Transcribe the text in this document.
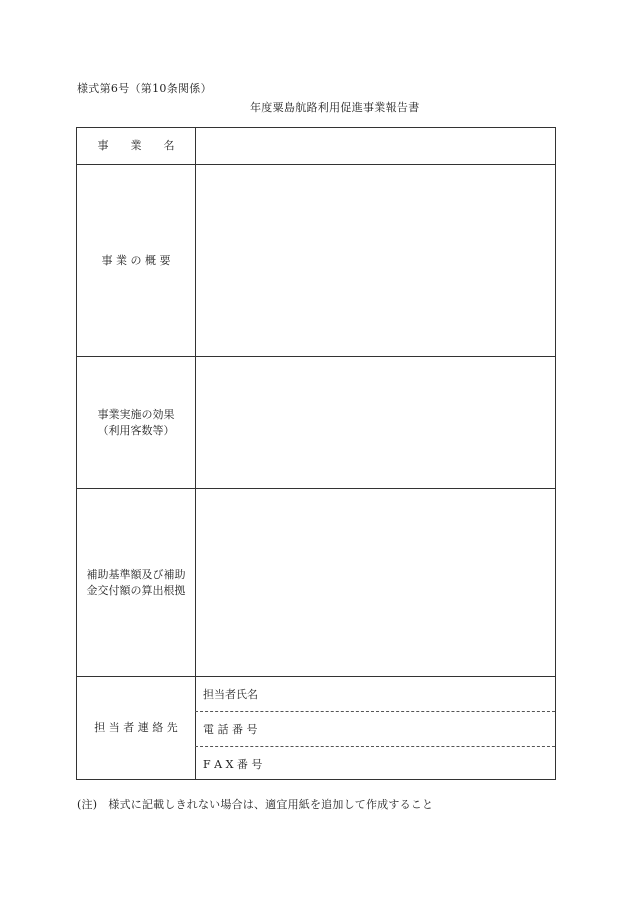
様式第6号（第10条関係）
年度粟島航路利用促進事業報告書
事　　業　　名
事 業 の 概 要
事業実施の効果
（利用客数等）
補助基準額及び補助
金交付額の算出根拠
担 当 者 連 絡 先
担当者氏名
電 話 番 号
F A X 番 号
(注)　様式に記載しきれない場合は、適宜用紙を追加して作成すること
